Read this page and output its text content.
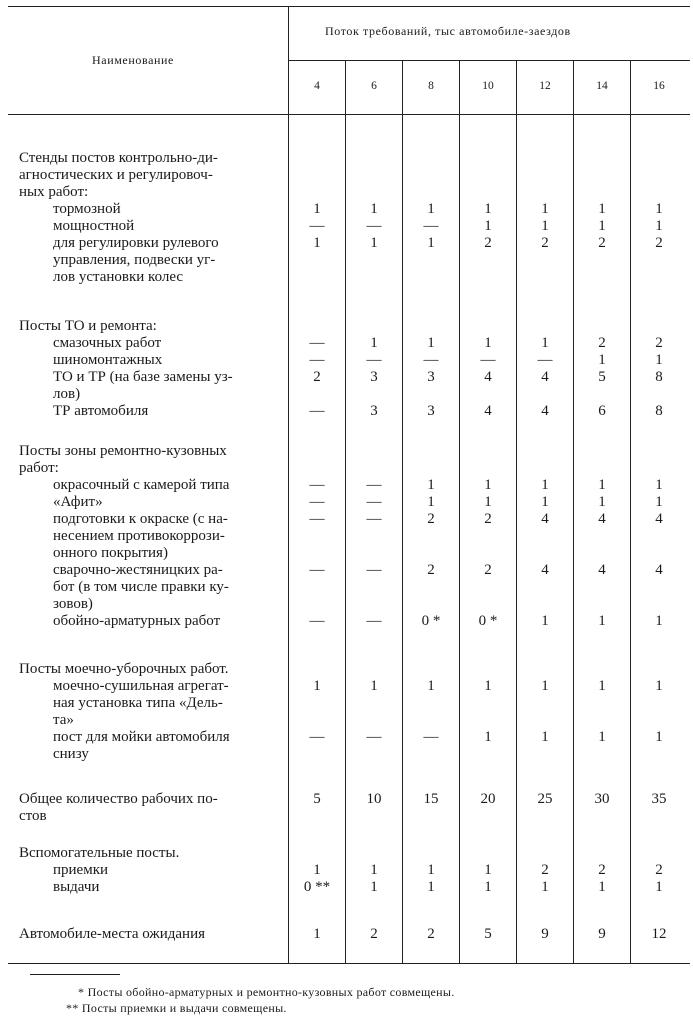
Наименование
Поток требований, тыс автомобиле-заездов
4	6	8	10	12	14	16
Стенды постов контрольно-ди-
агностических и регулировоч-
ных работ:
тормозной	1	1	1	1	1	1	1
мощностной	—	—	—	1	1	1	1
для регулировки рулевого
управления, подвески уг-
лов установки колес
1	1	1	2	2	2	2
Посты ТО и ремонта:
смазочных работ	—	1	1	1	1	2	2
шиномонтажных	—	—	—	—	—	1	1
ТО и ТР (на базе замены уз-
лов)
2	3	3	4	4	5	8
ТР автомобиля	—	3	3	4	4	6	8
Посты зоны ремонтно-кузовных
работ:
окрасочный с камерой типа	—	—	1	1	1	1	1
«Афит»	—	—	1	1	1	1	1
подготовки к окраске (с на-
несением противокоррози-
онного покрытия)
—	—	2	2	4	4	4
сварочно-жестяницких ра-
бот (в том числе правки ку-
зовов)
—	—	2	2	4	4	4
обойно-арматурных работ	—	—	0 *	0 *	1	1	1
Посты моечно-уборочных работ.
моечно-сушильная агрегат-
ная установка типа «Дель-
та»
1	1	1	1	1	1	1
пост для мойки автомобиля
снизу
—	—	—	1	1	1	1
Общее количество рабочих по-
стов
5	10	15	20	25	30	35
Вспомогательные посты.
приемки	1	1	1	1	2	2	2
выдачи	0 **	1	1	1	1	1	1
Автомобиле-места ожидания	1	2	2	5	9	9	12
* Посты обойно-арматурных и ремонтно-кузовных работ совмещены.
** Посты приемки и выдачи совмещены.
